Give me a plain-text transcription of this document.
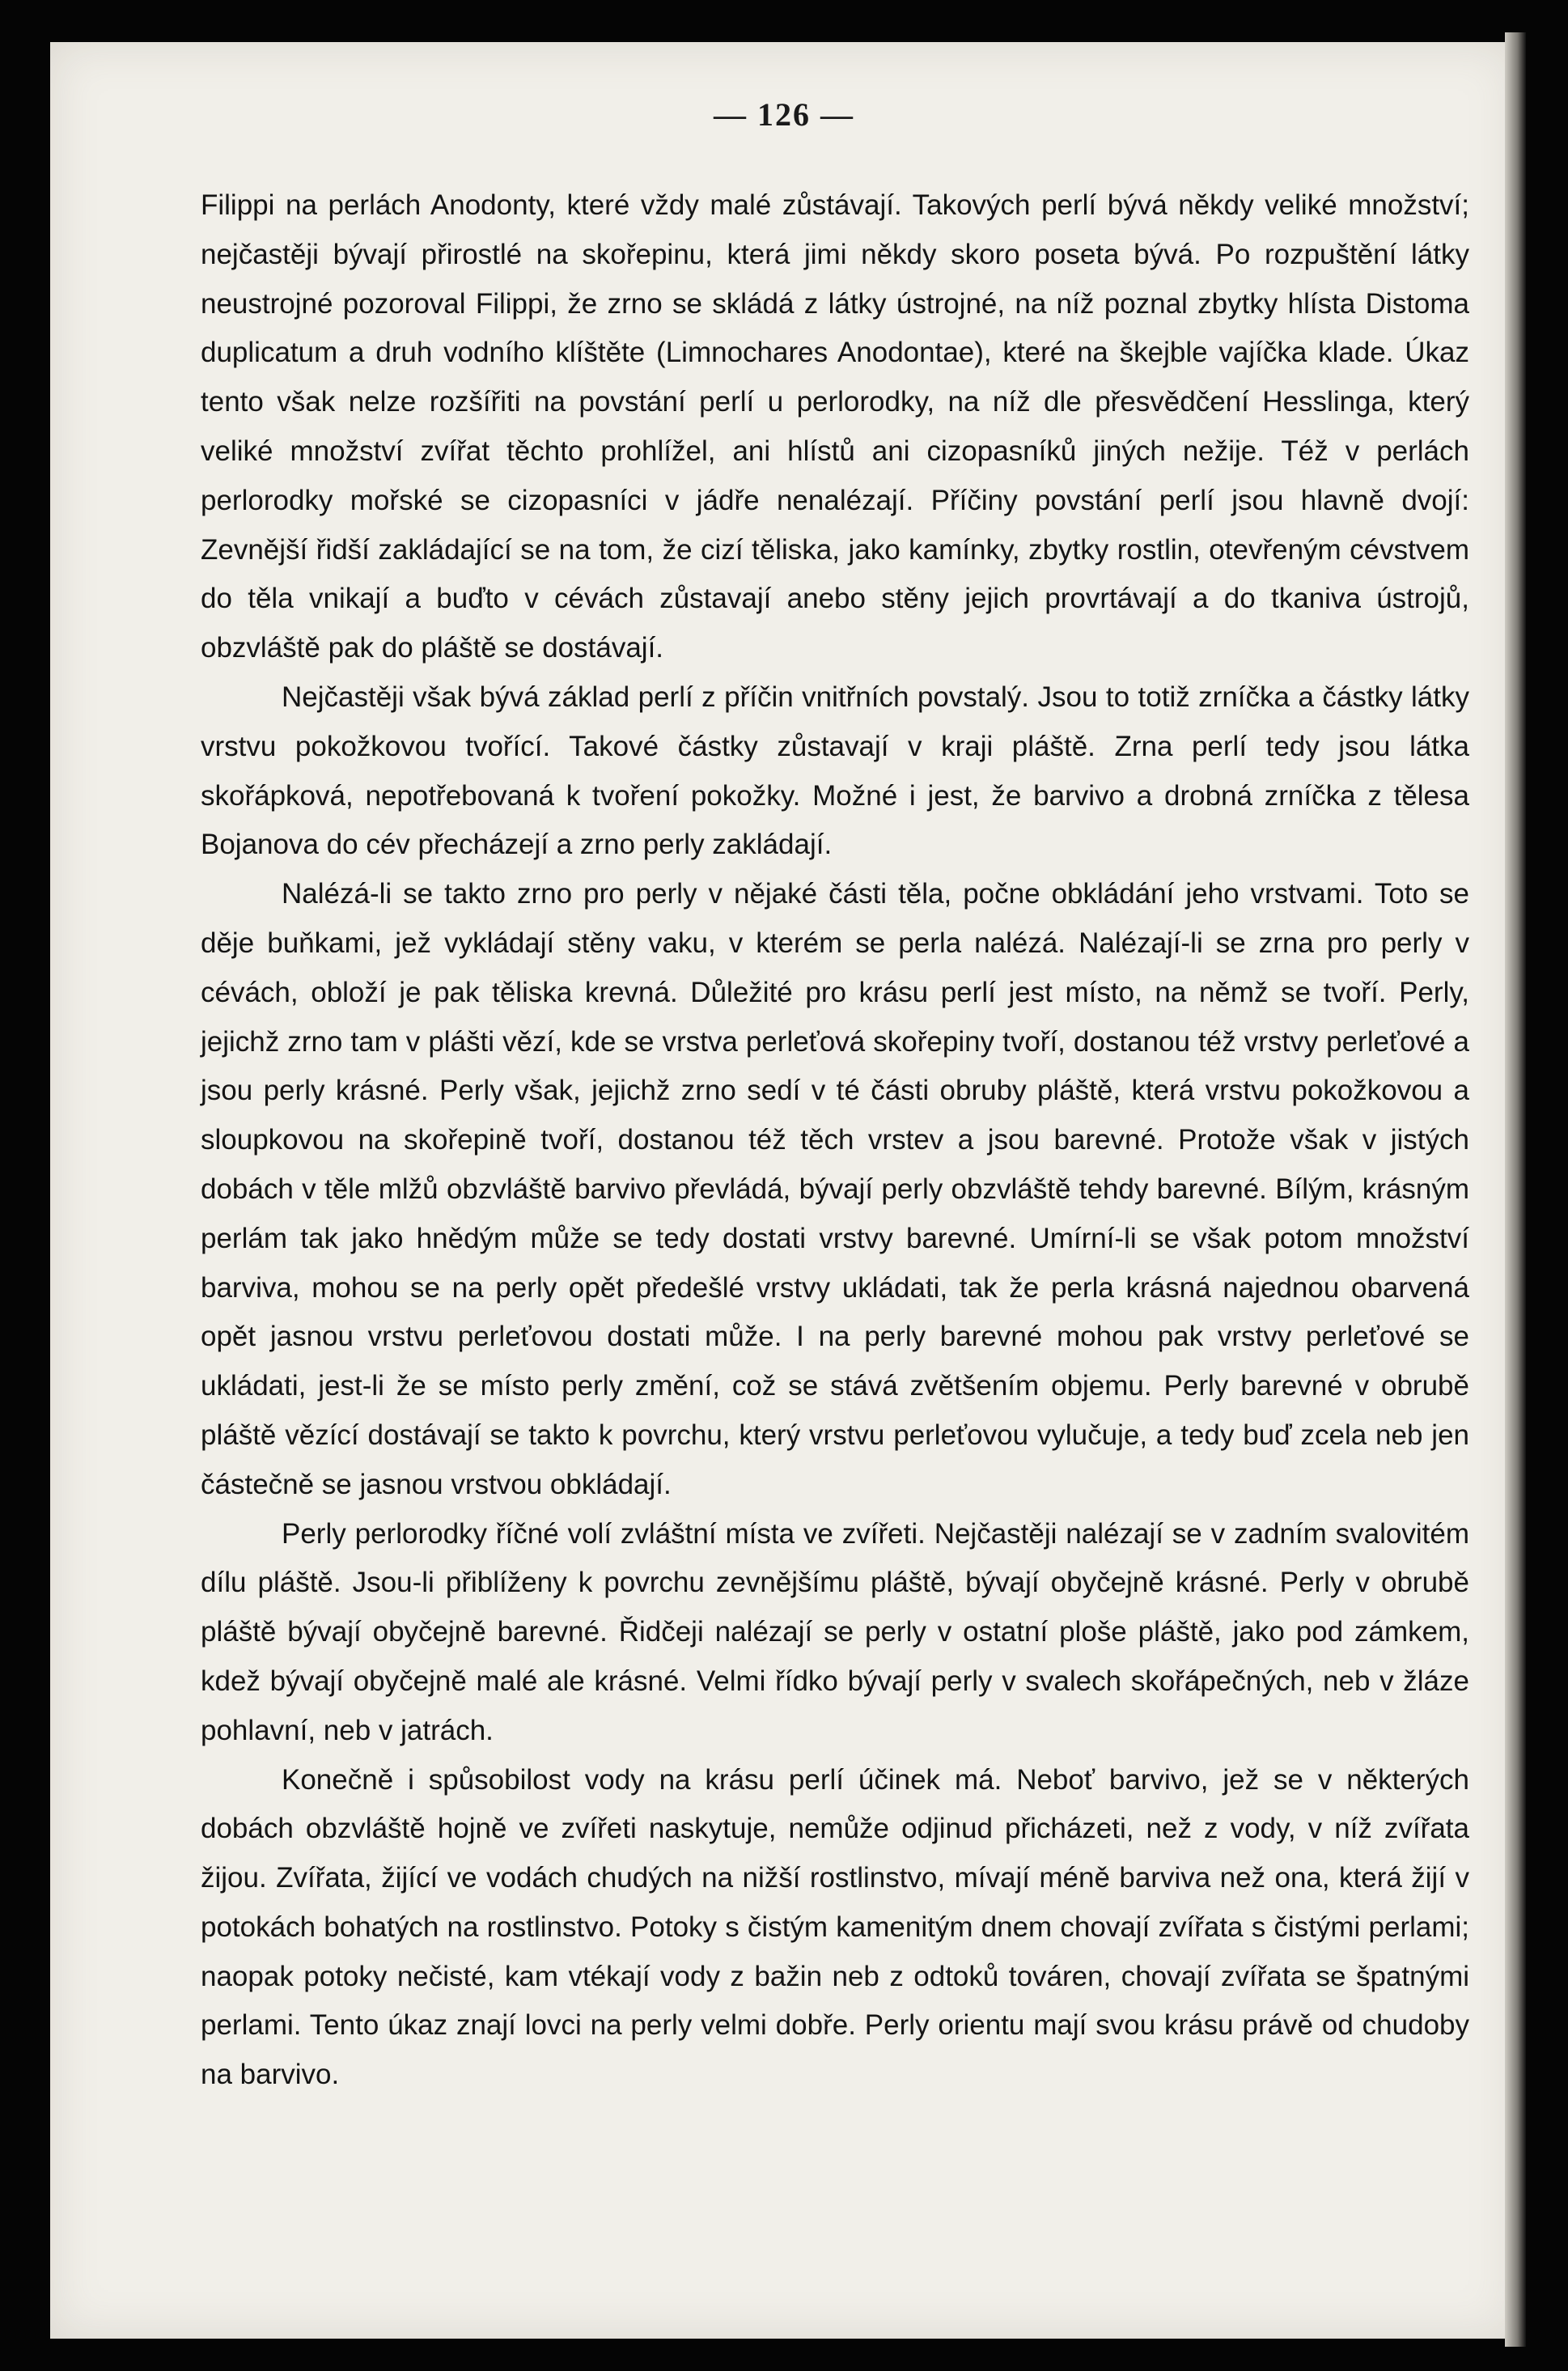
— 126 —

Filippi na perlách Anodonty, které vždy malé zůstávají. Takových perlí bývá někdy veliké množství; nejčastěji bývají přirostlé na skořepinu, která jimi někdy skoro poseta bývá. Po rozpuštění látky neustrojné pozoroval Filippi, že zrno se skládá z látky ústrojné, na níž poznal zbytky hlísta Distoma duplicatum a druh vodního klíštěte (Limnochares Anodontae), které na škejble vajíčka klade. Úkaz tento však nelze rozšířiti na povstání perlí u perlorodky, na níž dle přesvědčení Hesslinga, který veliké množství zvířat těchto prohlížel, ani hlístů ani cizopasníků jiných nežije. Též v perlách perlorodky mořské se cizopasníci v jádře nenalézají. Příčiny povstání perlí jsou hlavně dvojí: Zevnější řidší zakládající se na tom, že cizí těliska, jako kamínky, zbytky rostlin, otevřeným cévstvem do těla vnikají a buďto v cévách zůstavají anebo stěny jejich provrtávají a do tkaniva ústrojů, obzvláště pak do pláště se dostávají.

Nejčastěji však bývá základ perlí z příčin vnitřních povstalý. Jsou to totiž zrníčka a částky látky vrstvu pokožkovou tvořící. Takové částky zůstavají v kraji pláště. Zrna perlí tedy jsou látka skořápková, nepotřebovaná k tvoření pokožky. Možné i jest, že barvivo a drobná zrníčka z tělesa Bojanova do cév přecházejí a zrno perly zakládají.

Nalézá-li se takto zrno pro perly v nějaké části těla, počne obkládání jeho vrstvami. Toto se děje buňkami, jež vykládají stěny vaku, v kterém se perla nalézá. Nalézají-li se zrna pro perly v cévách, obloží je pak těliska krevná. Důležité pro krásu perlí jest místo, na němž se tvoří. Perly, jejichž zrno tam v plášti vězí, kde se vrstva perleťová skořepiny tvoří, dostanou též vrstvy perleťové a jsou perly krásné. Perly však, jejichž zrno sedí v té části obruby pláště, která vrstvu pokožkovou a sloupkovou na skořepině tvoří, dostanou též těch vrstev a jsou barevné. Protože však v jistých dobách v těle mlžů obzvláště barvivo převládá, bývají perly obzvláště tehdy barevné. Bílým, krásným perlám tak jako hnědým může se tedy dostati vrstvy barevné. Umírní-li se však potom množství barviva, mohou se na perly opět předešlé vrstvy ukládati, tak že perla krásná najednou obarvená opět jasnou vrstvu perleťovou dostati může. I na perly barevné mohou pak vrstvy perleťové se ukládati, jest-li že se místo perly změní, což se stává zvětšením objemu. Perly barevné v obrubě pláště vězící dostávají se takto k povrchu, který vrstvu perleťovou vylučuje, a tedy buď zcela neb jen částečně se jasnou vrstvou obkládají.

Perly perlorodky říčné volí zvláštní místa ve zvířeti. Nejčastěji nalézají se v zadním svalovitém dílu pláště. Jsou-li přiblíženy k povrchu zevnějšímu pláště, bývají obyčejně krásné. Perly v obrubě pláště bývají obyčejně barevné. Řidčeji nalézají se perly v ostatní ploše pláště, jako pod zámkem, kdež bývají obyčejně malé ale krásné. Velmi řídko bývají perly v svalech skořápečných, neb v žláze pohlavní, neb v jatrách.

Konečně i spůsobilost vody na krásu perlí účinek má. Neboť barvivo, jež se v některých dobách obzvláště hojně ve zvířeti naskytuje, nemůže odjinud přicházeti, než z vody, v níž zvířata žijou. Zvířata, žijící ve vodách chudých na nižší rostlinstvo, mívají méně barviva než ona, která žijí v potokách bohatých na rostlinstvo. Potoky s čistým kamenitým dnem chovají zvířata s čistými perlami; naopak potoky nečisté, kam vtékají vody z bažin neb z odtoků továren, chovají zvířata se špatnými perlami. Tento úkaz znají lovci na perly velmi dobře. Perly orientu mají svou krásu právě od chudoby na barvivo.
